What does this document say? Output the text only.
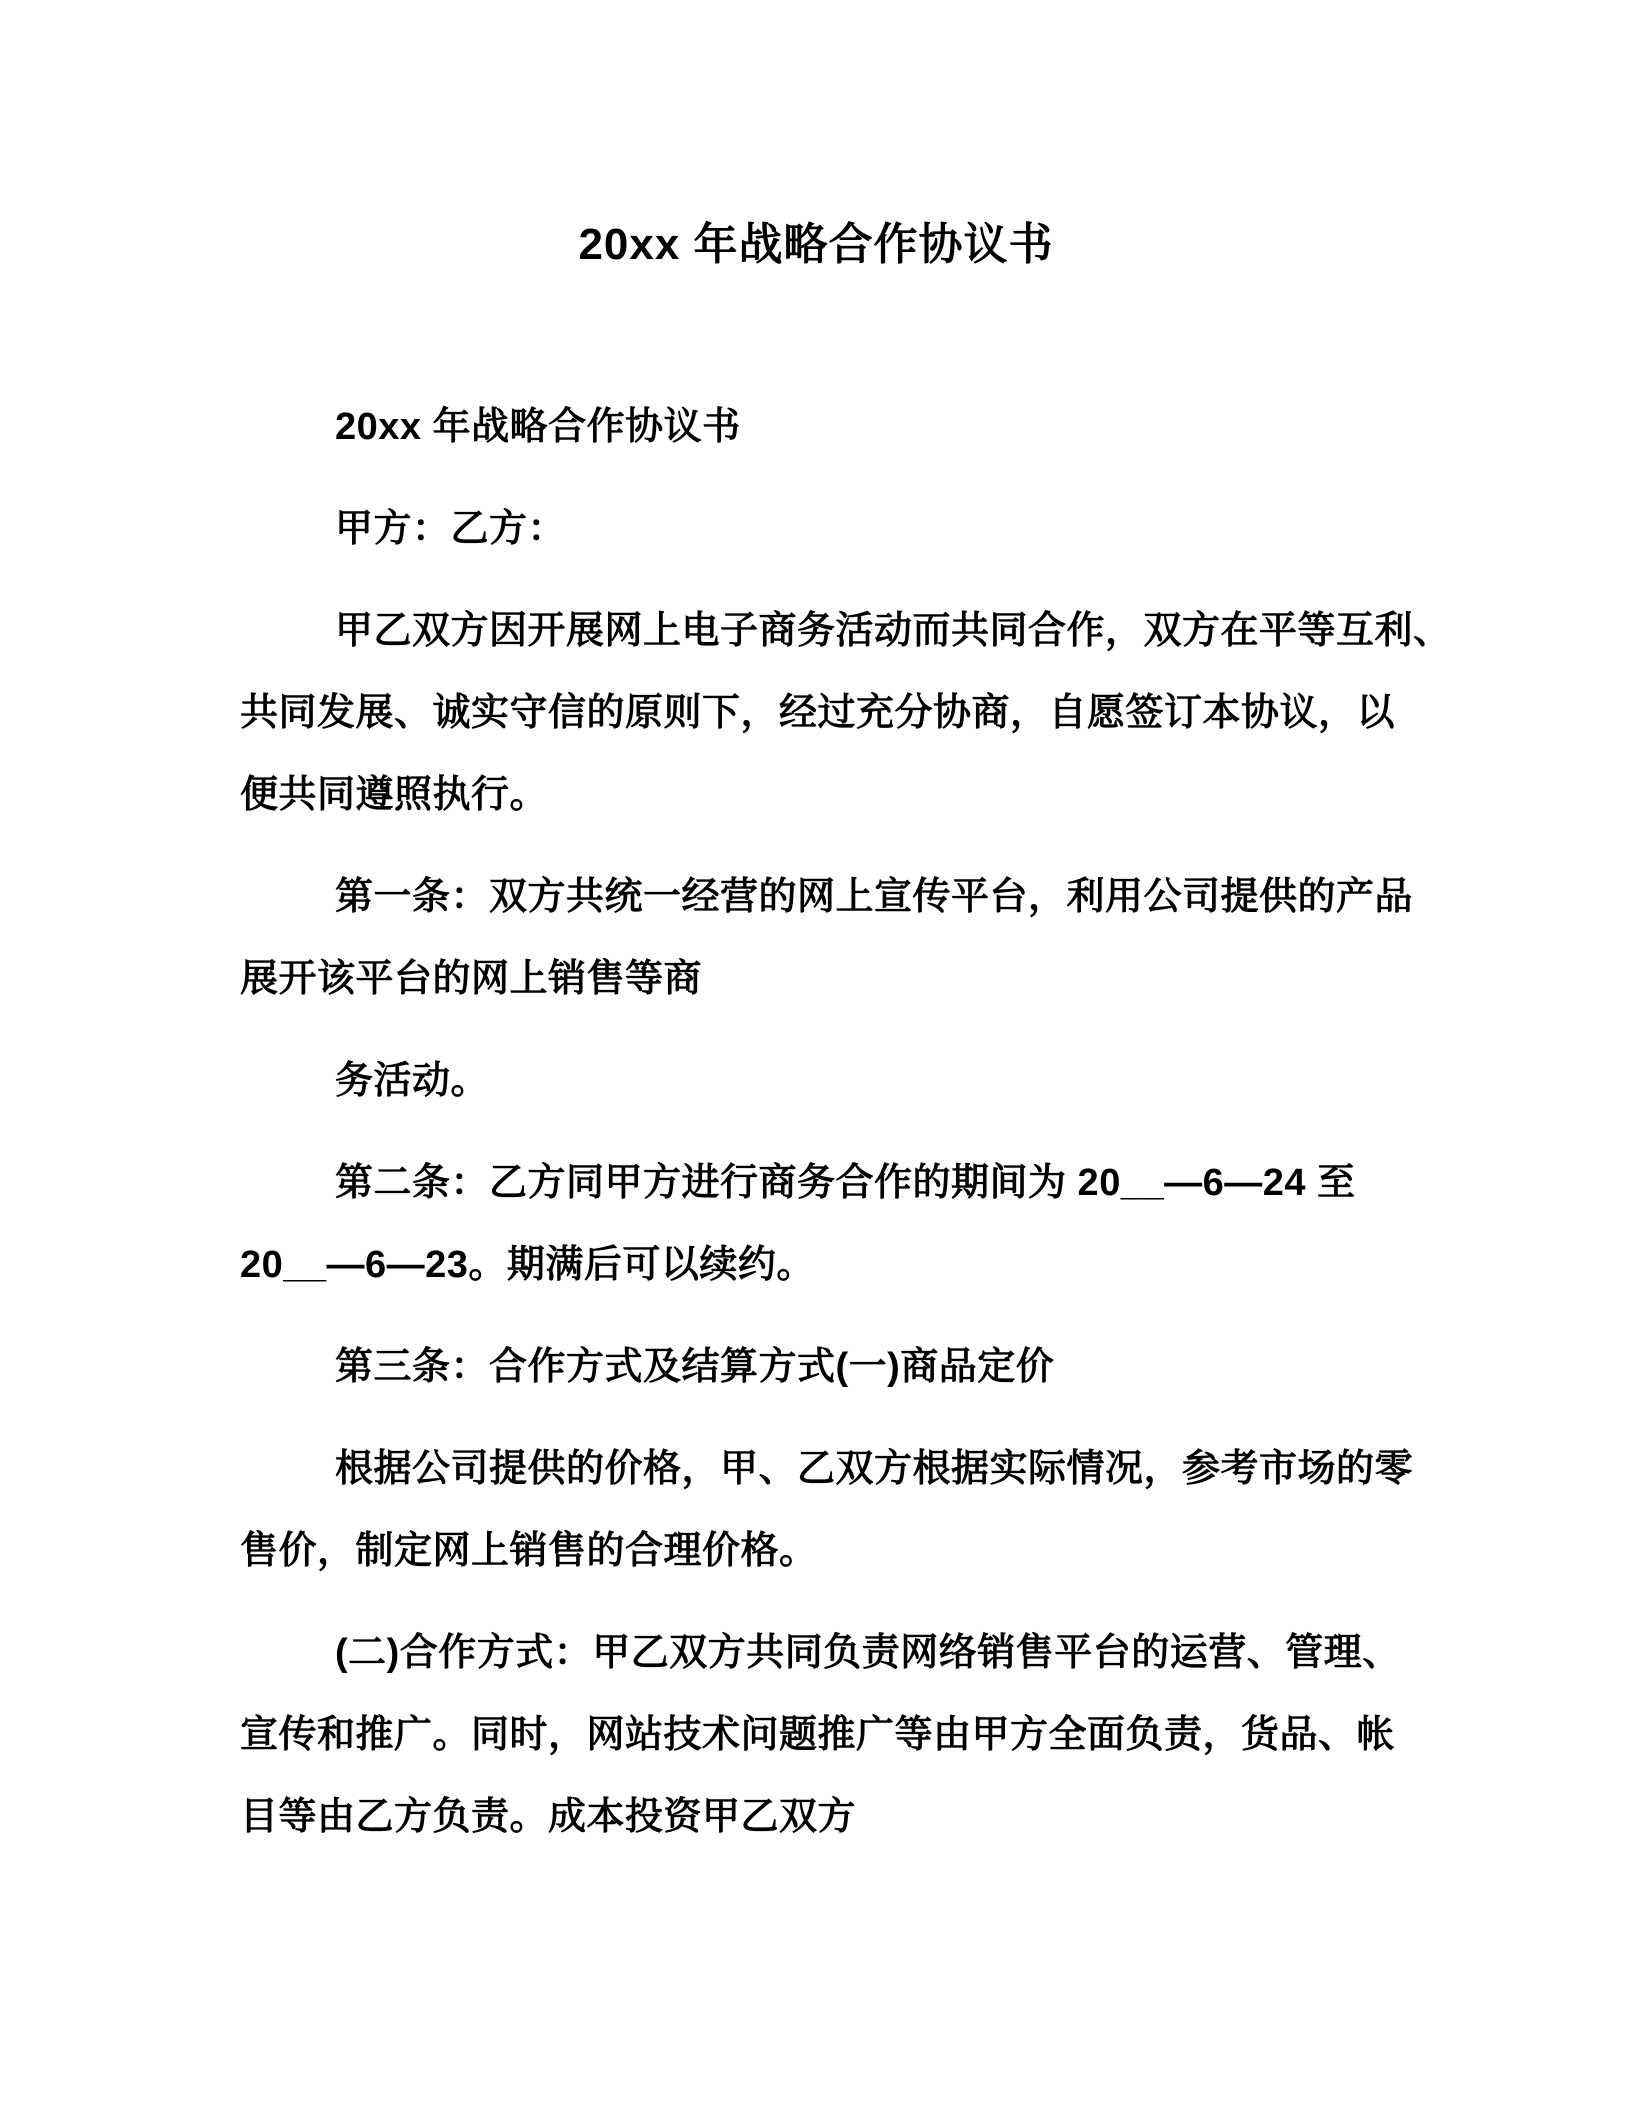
20xx 年战略合作协议书
20xx 年战略合作协议书
甲方：乙方：
甲乙双方因开展网上电子商务活动而共同合作，双方在平等互利、
共同发展、诚实守信的原则下，经过充分协商，自愿签订本协议，以
便共同遵照执行。
第一条：双方共统一经营的网上宣传平台，利用公司提供的产品
展开该平台的网上销售等商
务活动。
第二条：乙方同甲方进行商务合作的期间为 20__—6—24 至
20__—6—23。期满后可以续约。
第三条：合作方式及结算方式(一)商品定价
根据公司提供的价格，甲、乙双方根据实际情况，参考市场的零
售价，制定网上销售的合理价格。
(二)合作方式：甲乙双方共同负责网络销售平台的运营、管理、
宣传和推广。同时，网站技术问题推广等由甲方全面负责，货品、帐
目等由乙方负责。成本投资甲乙双方
